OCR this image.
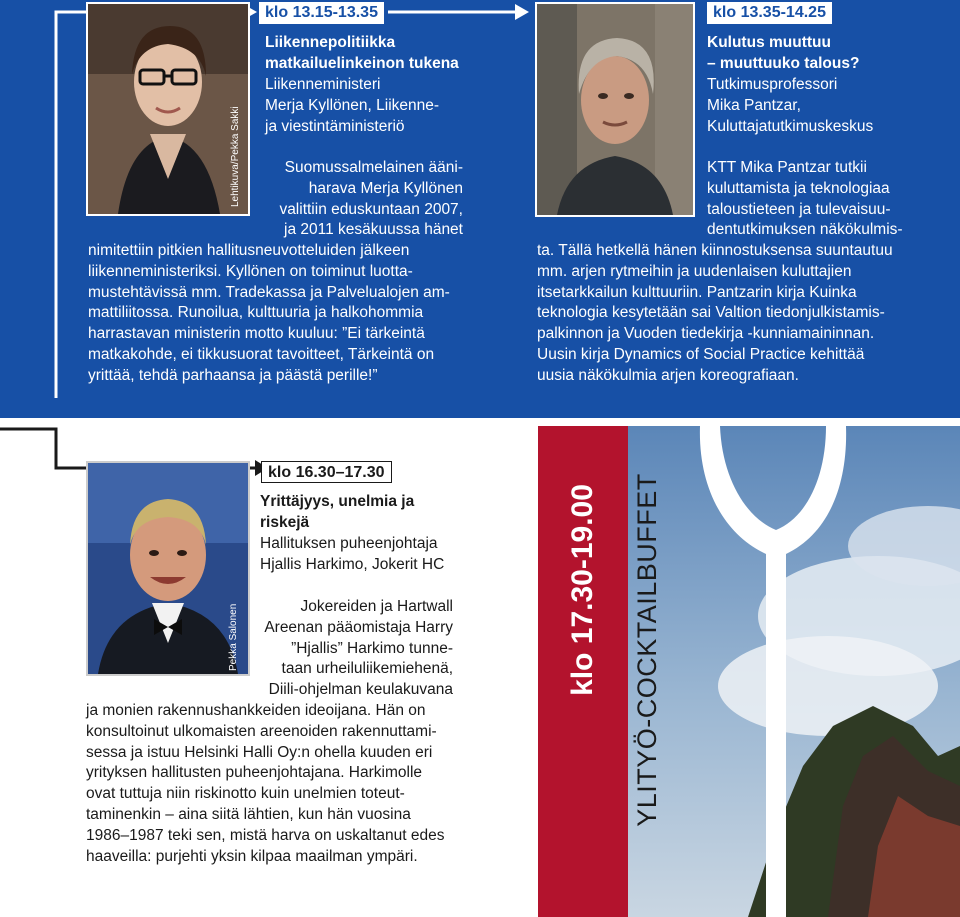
Lehtikuva/Pekka Sakki
klo 13.15-13.35
Liikennepolitiikka
matkailuelinkeinon tukena
Liikenneministeri
Merja Kyllönen, Liikenne-
ja viestintäministeriö
Suomussalmelainen ääni-
harava Merja Kyllönen
valittiin eduskuntaan 2007,
ja 2011 kesäkuussa hänet
nimitettiin pitkien hallitusneuvotteluiden jälkeen
liikenneministeriksi. Kyllönen on toiminut luotta-
mustehtävissä mm. Tradekassa ja Palvelualojen am-
mattiliitossa. Runoilua, kulttuuria ja halkohommia
harrastavan ministerin motto kuuluu: ”Ei tärkeintä
matkakohde, ei tikkusuorat tavoitteet, Tärkeintä on
yrittää, tehdä parhaansa ja päästä perille!”
klo 13.35-14.25
Kulutus muuttuu
– muuttuuko talous?
Tutkimusprofessori
Mika Pantzar,
Kuluttajatutkimuskeskus
KTT Mika Pantzar tutkii
kuluttamista ja teknologiaa
taloustieteen ja tulevaisuu-
dentutkimuksen näkökulmis-
ta. Tällä hetkellä hänen kiinnostuksensa suuntautuu
mm. arjen rytmeihin ja uudenlaisen kuluttajien
itsetarkkailun kulttuuriin. Pantzarin kirja Kuinka
teknologia kesytetään sai Valtion tiedonjulkistamis-
palkinnon ja Vuoden tiedekirja -kunniamaininnan.
Uusin kirja Dynamics of Social Practice kehittää
uusia näkökulmia arjen koreografiaan.
Pekka Salonen
klo 16.30–17.30
Yrittäjyys, unelmia ja
riskejä
Hallituksen puheenjohtaja
Hjallis Harkimo, Jokerit HC
Jokereiden ja Hartwall
Areenan pääomistaja Harry
”Hjallis” Harkimo tunne-
taan urheiluliikemiehenä,
Diili-ohjelman keulakuvana
ja monien rakennushankkeiden ideoijana. Hän on
konsultoinut ulkomaisten areenoiden rakennuttami-
sessa ja istuu Helsinki Halli Oy:n ohella kuuden eri
yrityksen hallitusten puheenjohtajana. Harkimolle
ovat tuttuja niin riskinotto kuin unelmien toteut-
taminenkin – aina siitä lähtien, kun hän vuosina
1986–1987 teki sen, mistä harva on uskaltanut edes
haaveilla: purjehti yksin kilpaa maailman ympäri.
klo 17.30-19.00 YLITYÖ-COCKTAILBUFFET
